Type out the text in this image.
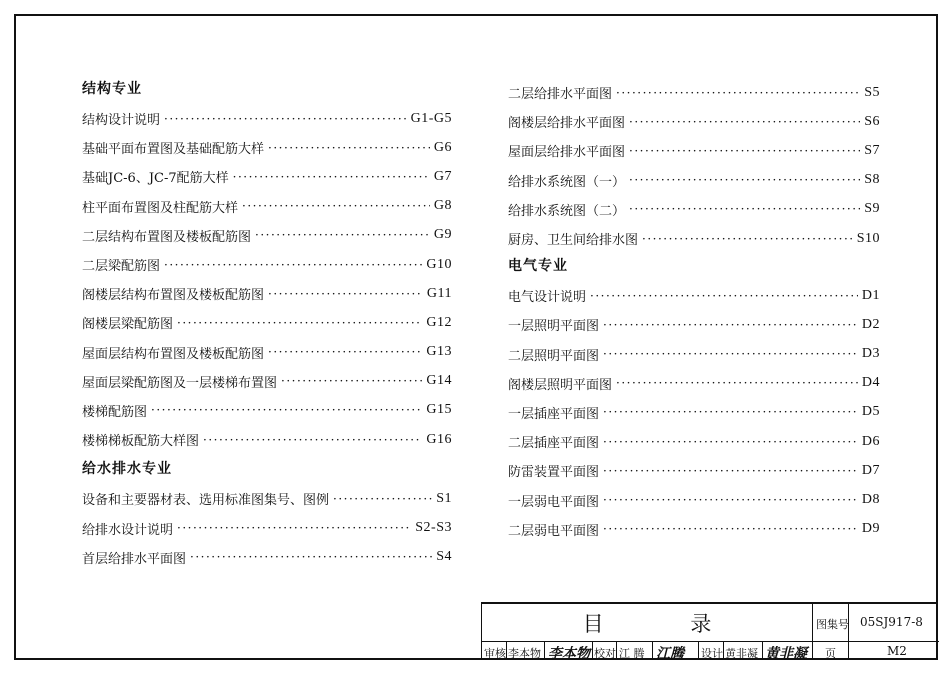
结构专业
结构设计说明 ·····	G1-G5
基础平面布置图及基础配筋大样 ·····	G6
基础JC-6、JC-7配筋大样 ·····	G7
柱平面布置图及柱配筋大样 ·····	G8
二层结构布置图及楼板配筋图 ·····	G9
二层梁配筋图 ·····	G10
阁楼层结构布置图及楼板配筋图 ·····	G11
阁楼层梁配筋图 ·····	G12
屋面层结构布置图及楼板配筋图 ·····	G13
屋面层梁配筋图及一层楼梯布置图 ·····	G14
楼梯配筋图 ·····	G15
楼梯梯板配筋大样图 ·····	G16
给水排水专业
设备和主要器材表、选用标准图集号、图例 ·····	S1
给排水设计说明 ·····	S2-S3
首层给排水平面图 ·····	S4
二层给排水平面图 ·····	S5
阁楼层给排水平面图 ·····	S6
屋面层给排水平面图 ·····	S7
给排水系统图（一） ·····	S8
给排水系统图（二） ·····	S9
厨房、卫生间给排水图 ·····	S10
电气专业
电气设计说明 ·····	D1
一层照明平面图 ·····	D2
二层照明平面图 ·····	D3
阁楼层照明平面图 ·····	D4
一层插座平面图 ·····	D5
二层插座平面图 ·····	D6
防雷装置平面图 ·····	D7
一层弱电平面图 ·····	D8
二层弱电平面图 ·····	D9
目 录	图集号 05SJ917-8
页	M2
审核 李本物 李本物 校对 江 腾 江腾 设计 黄非凝 黄非凝
